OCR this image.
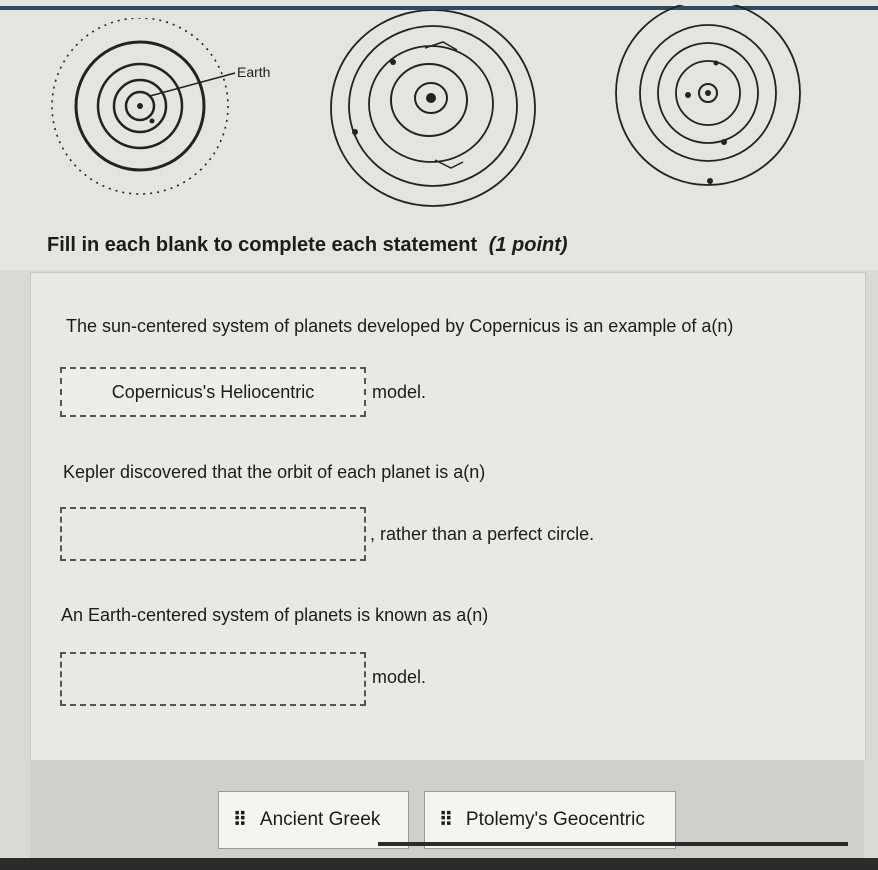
Earth
Fill in each blank to complete each statement (1 point)
The sun-centered system of planets developed by Copernicus is an example of a(n)
Copernicus's Heliocentric	model.
Kepler discovered that the orbit of each planet is a(n)
, rather than a perfect circle.
An Earth-centered system of planets is known as a(n)
model.
⠿ Ancient Greek	⠿ Ptolemy's Geocentric
